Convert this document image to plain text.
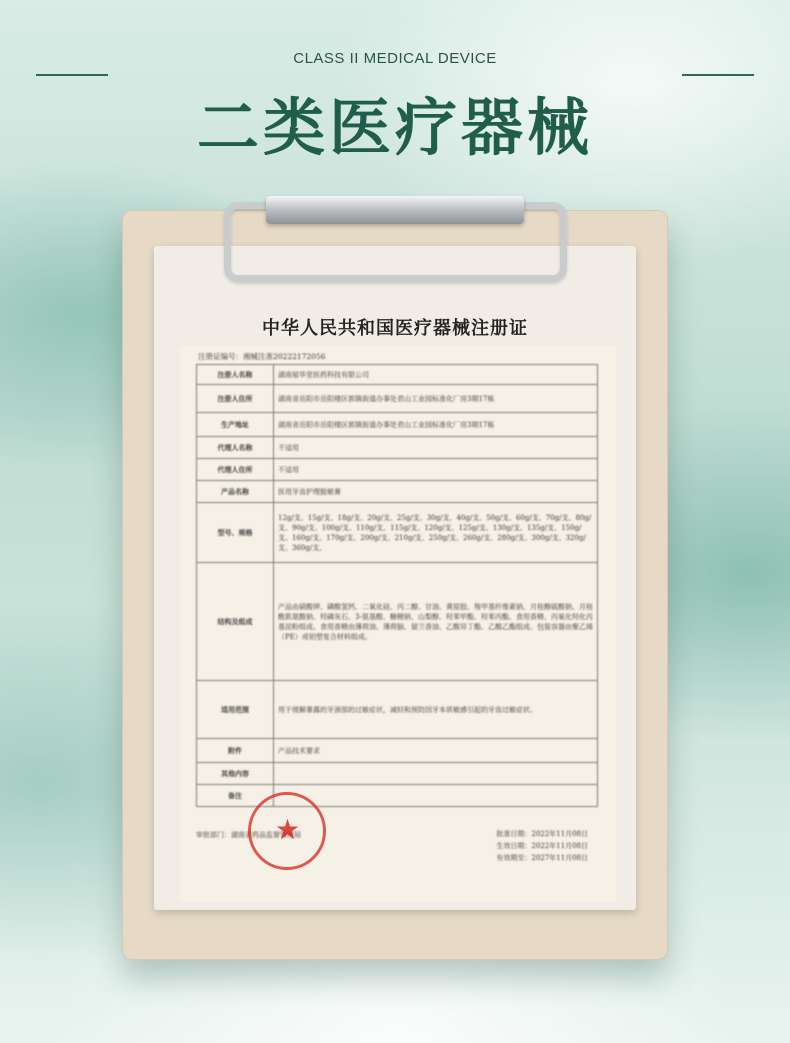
CLASS II MEDICAL DEVICE
二类医疗器械
中华人民共和国医疗器械注册证
注册证编号：湘械注准20222172056
注册人名称	湖南郁华堂医药科技有限公司
注册人住所	湖南省岳阳市岳阳楼区郭镇街道办事处君山工业园标准化厂房3期17栋
生产地址	湖南省岳阳市岳阳楼区郭镇街道办事处君山工业园标准化厂房3期17栋
代理人名称	不适用
代理人住所	不适用
产品名称	医用牙齿护理脱敏膏
型号、规格	12g/支、15g/支、18g/支、20g/支、25g/支、30g/支、40g/支、50g/支、60g/支、70g/支、80g/支、90g/支、100g/支、110g/支、115g/支、120g/支、125g/支、130g/支、135g/支、150g/支、160g/支、170g/支、200g/支、210g/支、250g/支、260g/支、280g/支、300g/支、320g/支、360g/支。
结构及组成	产品由硝酸钾、磷酸氢钙、二氧化硅、丙二醇、甘油、黄原胶、羧甲基纤维素钠、月桂醇硫酸钠、月桂酰肌氨酸钠、羟磷灰石、3-氨基酸、糖精钠、山梨醇、羟苯甲酯、羟苯丙酯、食用香精、丙氧化羟化丙基淀粉组成。食用香精由薄荷油、薄荷脑、留兰香油、乙酸异丁酯、乙酸乙酯组成。包装容器由聚乙烯（PE）或铝塑复合材料组成。
适用范围	用于缓解暴露的牙颈部的过敏症状，减轻和预防因牙本质敏感引起的牙齿过敏症状。
附件	产品技术要求
其他内容	
备注	
审批部门：湖南省药品监督管理局	批准日期：2022年11月08日
生效日期：2022年11月08日
有效期至：2027年11月08日
★
